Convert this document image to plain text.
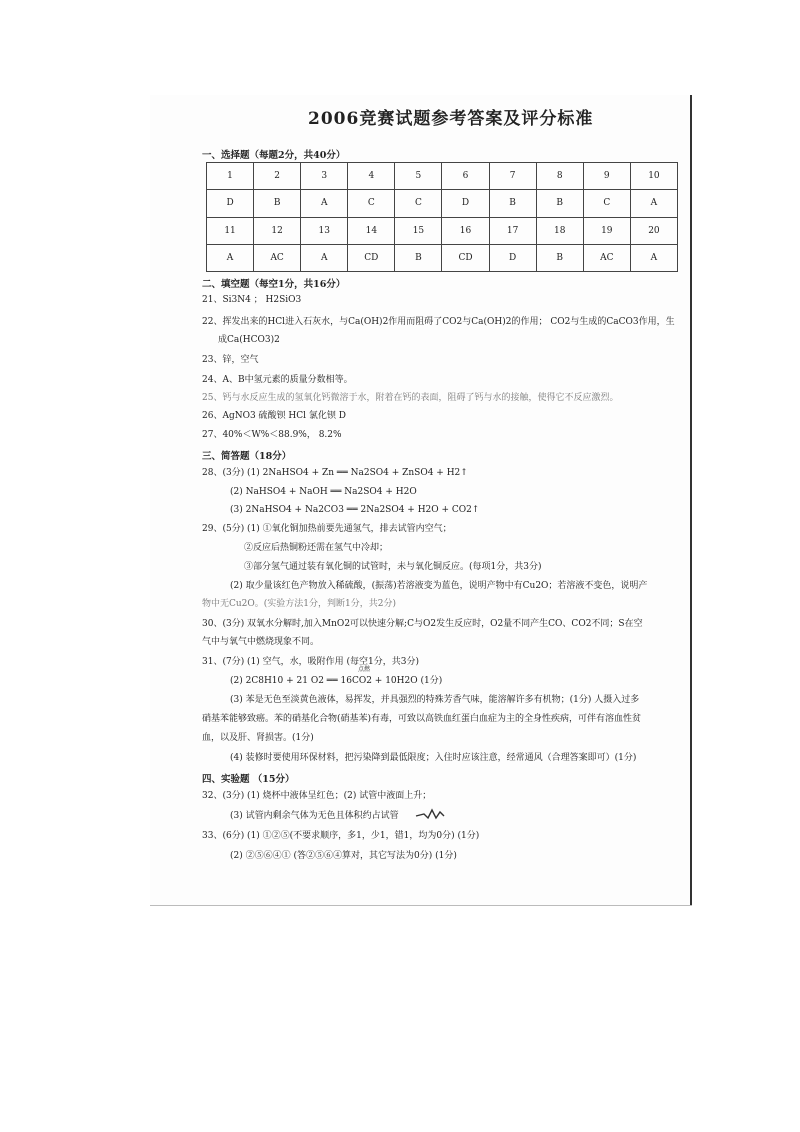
2006竞赛试题参考答案及评分标准
一、选择题（每题2分，共40分）
1	2	3	4	5	6	7	8	9	10
D	B	A	C	C	D	B	B	C	A
11	12	13	14	15	16	17	18	19	20
A	AC	A	CD	B	CD	D	B	AC	A
二、填空题（每空1分，共16分）
21、Si3N4 ； H2SiO3
22、挥发出来的HCl进入石灰水，与Ca(OH)2作用而阻碍了CO2与Ca(OH)2的作用； CO2与生成的CaCO3作用，生
成Ca(HCO3)2
23、锌，空气
24、A、B中氢元素的质量分数相等。
25、钙与水反应生成的氢氧化钙微溶于水，附着在钙的表面，阻碍了钙与水的接触，使得它不反应激烈。
26、AgNO3 硫酸钡 HCl 氯化钡 D
27、40%＜W%＜88.9%， 8.2%
三、简答题（18分）
28、(3分) (1) 2NaHSO4 + Zn ══ Na2SO4 + ZnSO4 + H2↑
(2) NaHSO4 + NaOH ══ Na2SO4 + H2O
(3) 2NaHSO4 + Na2CO3 ══ 2Na2SO4 + H2O + CO2↑
29、(5分) (1) ①氧化铜加热前要先通氢气，排去试管内空气；
②反应后热铜粉还需在氢气中冷却；
③部分氢气通过装有氧化铜的试管时，未与氧化铜反应。(每项1分，共3分)
(2) 取少量该红色产物放入稀硫酸，(振荡)若溶液变为蓝色，说明产物中有Cu2O；若溶液不变色，说明产
物中无Cu2O。(实验方法1分，判断1分，共2分)
30、(3分) 双氧水分解时,加入MnO2可以快速分解;C与O2发生反应时，O2量不同产生CO、CO2不同；S在空
气中与氧气中燃烧现象不同。
31、(7分) (1) 空气，水，吸附作用 (每空1分，共3分)
(2) 2C8H10 + 21 O2 ══ 16CO2 + 10H2O (1分)
点燃
(3) 苯是无色至淡黄色液体，易挥发，并具强烈的特殊芳香气味，能溶解许多有机物；(1分) 人摄入过多
硝基苯能够致癌。苯的硝基化合物(硝基苯)有毒，可致以高铁血红蛋白血症为主的全身性疾病，可伴有溶血性贫
血，以及肝、肾损害。(1分)
(4) 装修时要使用环保材料，把污染降到最低限度；入住时应该注意，经常通风（合理答案即可）(1分)
四、实验题 （15分）
32、(3分) (1) 烧杯中液体呈红色；(2) 试管中液面上升；
(3) 试管内剩余气体为无色且体积约占试管
33、(6分) (1) ①②⑤(不要求顺序，多1，少1，错1，均为0分) (1分)
(2) ②⑤⑥④① (答②⑤⑥④算对，其它写法为0分) (1分)
